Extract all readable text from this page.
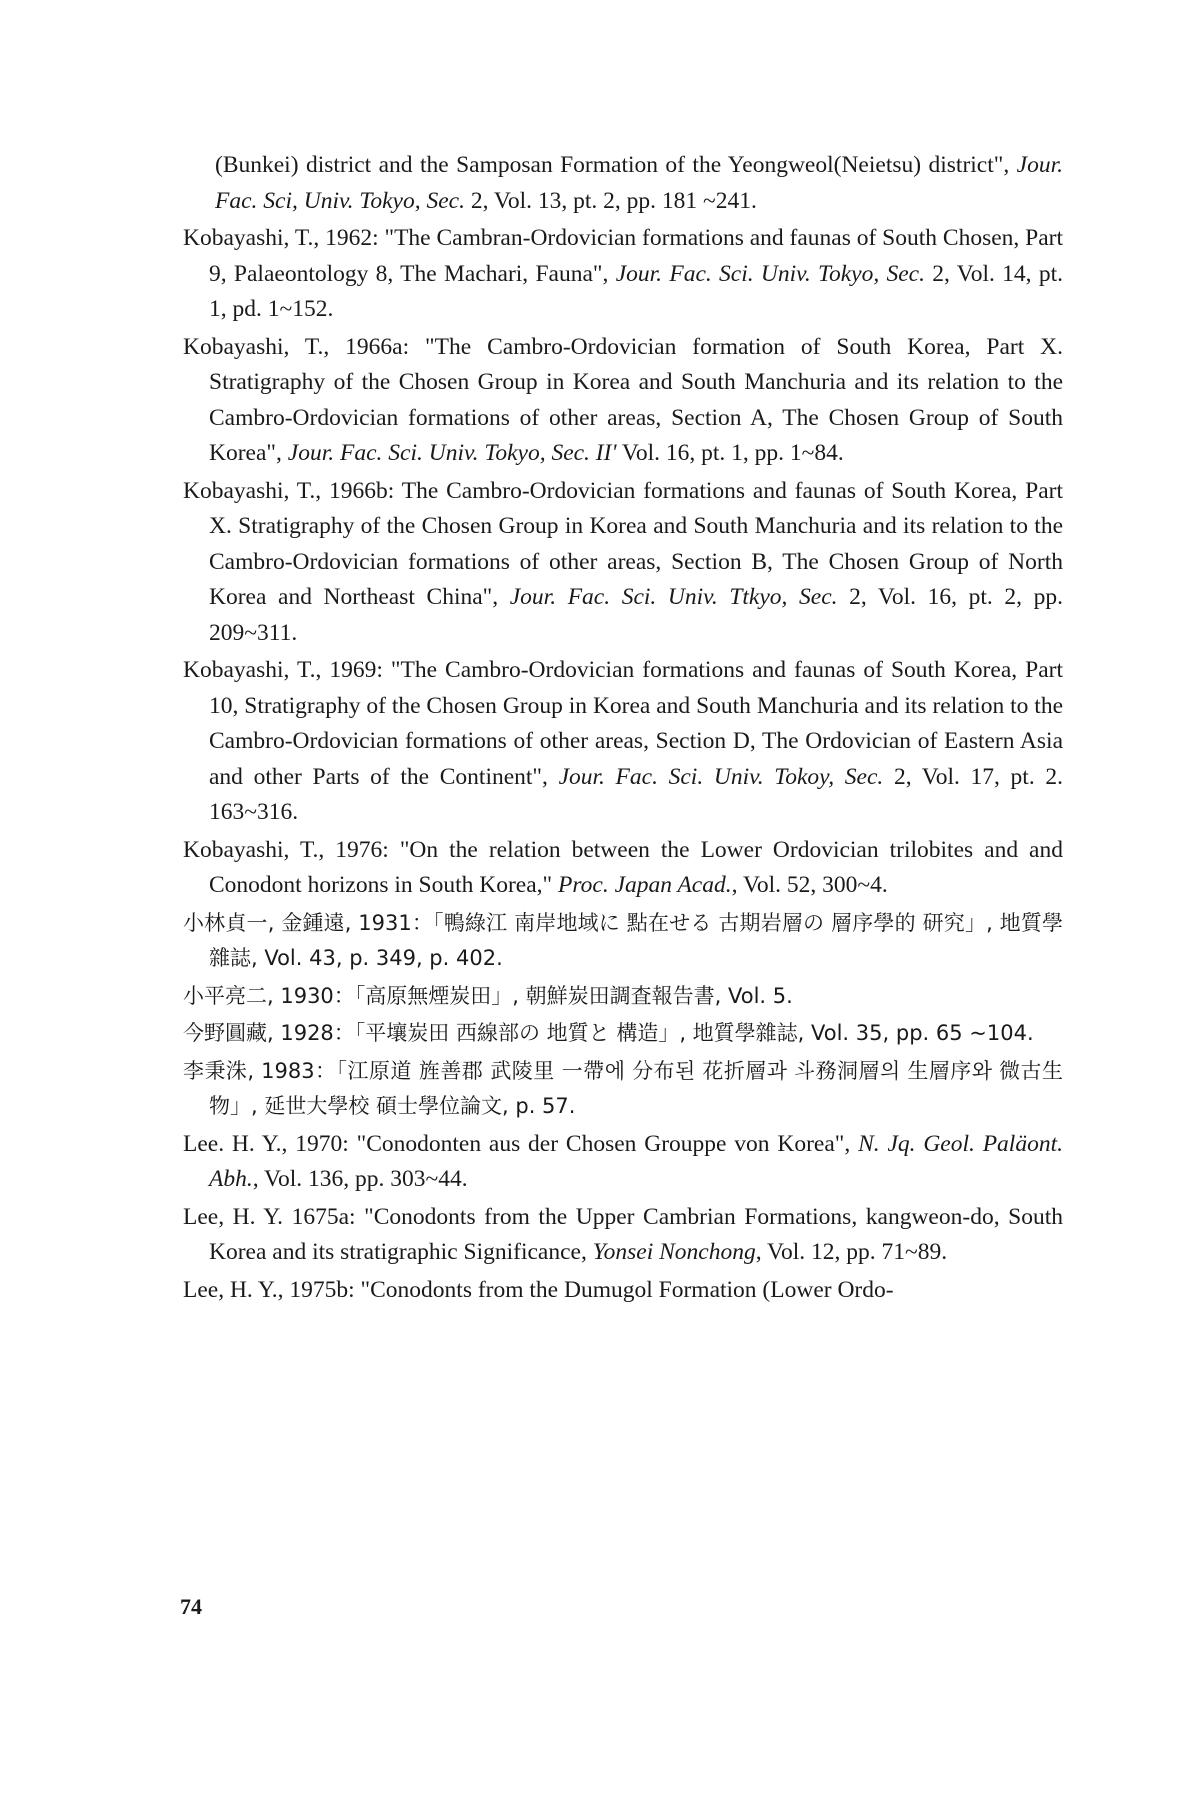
(Bunkei) district and the Samposan Formation of the Yeongweol(Neietsu) district", Jour. Fac. Sci, Univ. Tokyo, Sec. 2, Vol. 13, pt. 2, pp. 181 ~241.

Kobayashi, T., 1962: "The Cambran-Ordovician formations and faunas of South Chosen, Part 9, Palaeontology 8, The Machari, Fauna", Jour. Fac. Sci. Univ. Tokyo, Sec. 2, Vol. 14, pt. 1, pd. 1~152.

Kobayashi, T., 1966a: "The Cambro-Ordovician formation of South Korea, Part X. Stratigraphy of the Chosen Group in Korea and South Manchuria and its relation to the Cambro-Ordovician formations of other areas, Section A, The Chosen Group of South Korea", Jour. Fac. Sci. Univ. Tokyo, Sec. II' Vol. 16, pt. 1, pp. 1~84.

Kobayashi, T., 1966b: The Cambro-Ordovician formations and faunas of South Korea, Part X. Stratigraphy of the Chosen Group in Korea and South Manchuria and its relation to the Cambro-Ordovician formations of other areas, Section B, The Chosen Group of North Korea and Northeast China", Jour. Fac. Sci. Univ. Ttkyo, Sec. 2, Vol. 16, pt. 2, pp. 209~311.

Kobayashi, T., 1969: "The Cambro-Ordovician formations and faunas of South Korea, Part 10, Stratigraphy of the Chosen Group in Korea and South Manchuria and its relation to the Cambro-Ordovician formations of other areas, Section D, The Ordovician of Eastern Asia and other Parts of the Continent", Jour. Fac. Sci. Univ. Tokoy, Sec. 2, Vol. 17, pt. 2. 163~316.

Kobayashi, T., 1976: "On the relation between the Lower Ordovician trilobites and and Conodont horizons in South Korea," Proc. Japan Acad., Vol. 52, 300~4.

小林貞一, 金鍾遠, 1931：「鴨綠江 南岸地域に 點在せる 古期岩層の 層序學的 研究」, 地質學雜誌, Vol. 43, p. 349, p. 402.

小平亮二, 1930：「高原無煙炭田」, 朝鮮炭田調査報告書, Vol. 5.

今野圓藏, 1928：「平壤炭田 西線部の 地質と 構造」, 地質學雜誌, Vol. 35, pp. 65 ~104.

李秉洙, 1983：「江原道 旌善郡 武陵里 一帶에 分布된 花折層과 斗務洞層의 生層序와 微古生物」, 延世大學校 碩士學位論文, p. 57.

Lee. H. Y., 1970: "Conodonten aus der Chosen Grouppe von Korea", N. Jq. Geol. Paläont. Abh., Vol. 136, pp. 303~44.

Lee, H. Y. 1675a: "Conodonts from the Upper Cambrian Formations, kangweon-do, South Korea and its stratigraphic Significance, Yonsei Nonchong, Vol. 12, pp. 71~89.

Lee, H. Y., 1975b: "Conodonts from the Dumugol Formation (Lower Ordo-

74
